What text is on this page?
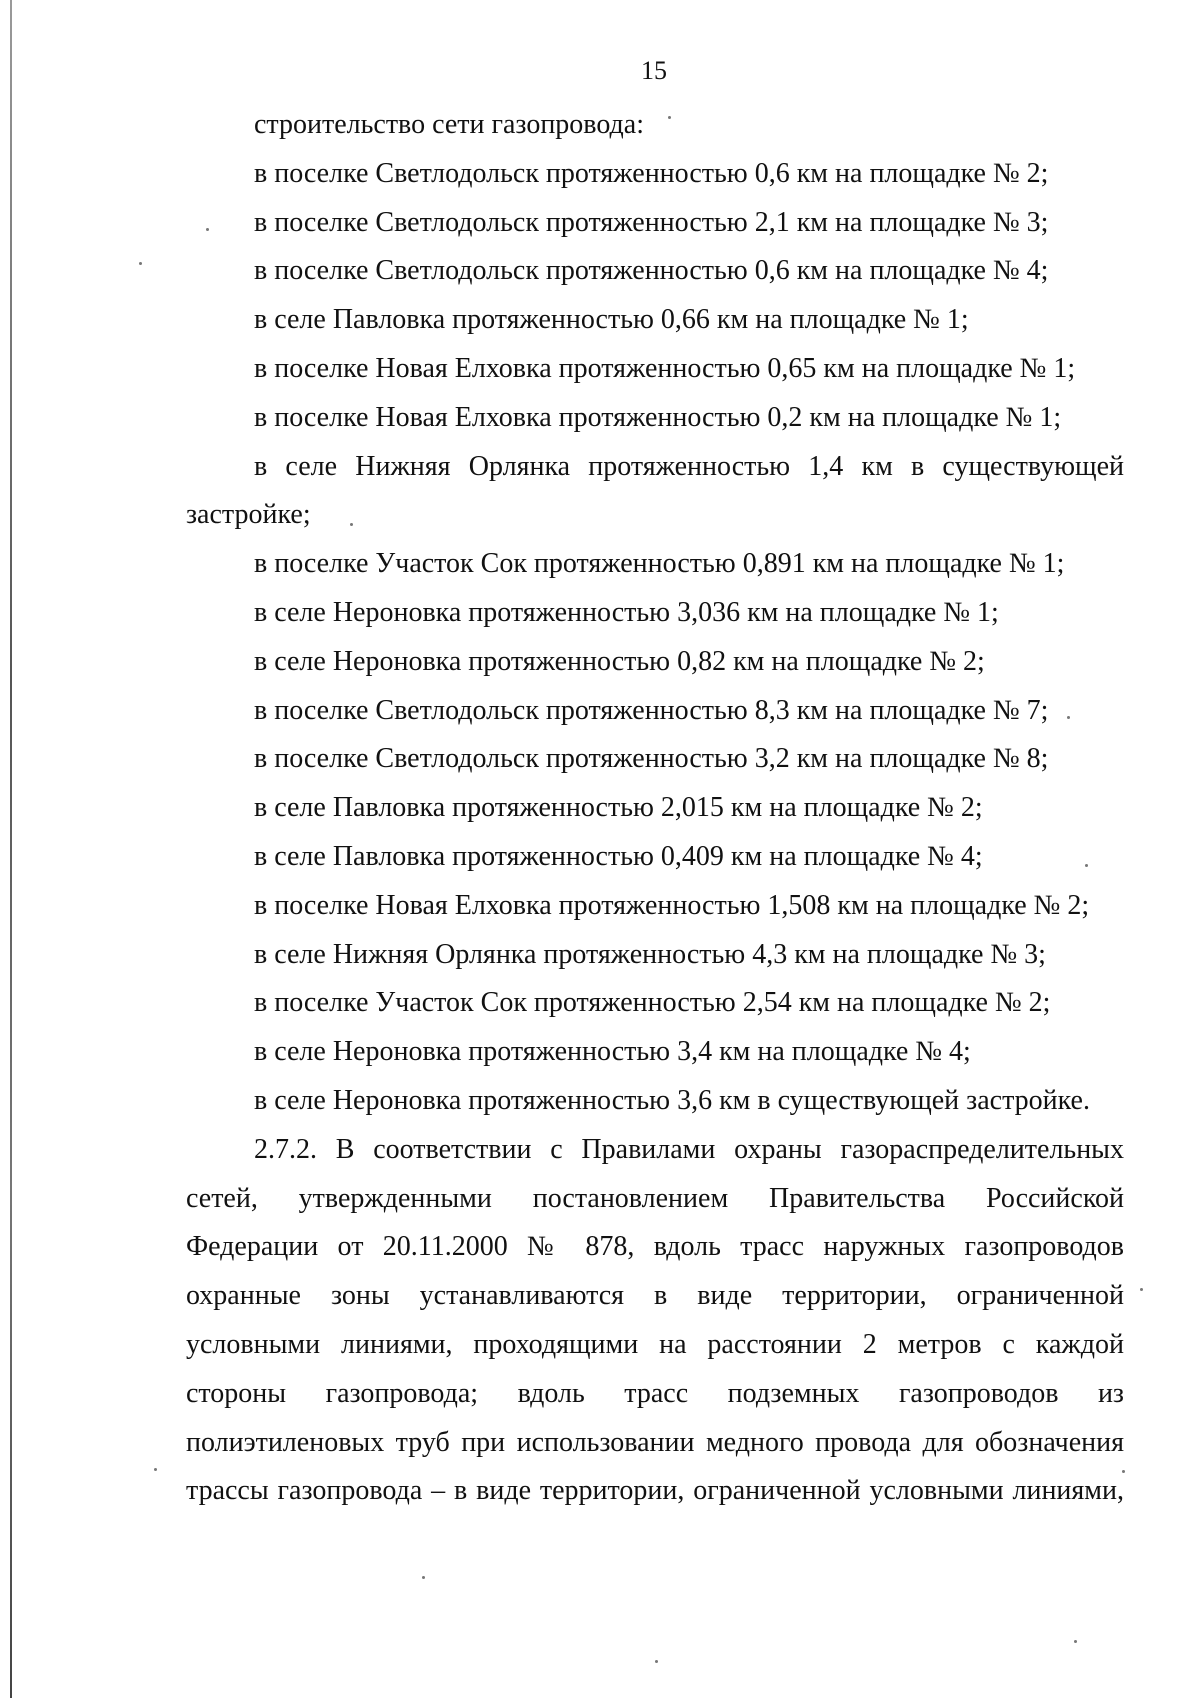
15
строительство сети газопровода:
в поселке Светлодольск протяженностью 0,6 км на площадке № 2;
в поселке Светлодольск протяженностью 2,1 км на площадке № 3;
в поселке Светлодольск протяженностью 0,6 км на площадке № 4;
в селе Павловка протяженностью 0,66 км на площадке № 1;
в поселке Новая Елховка протяженностью 0,65 км на площадке № 1;
в поселке Новая Елховка протяженностью 0,2 км на площадке № 1;
в селе Нижняя Орлянка протяженностью 1,4 км в существующей
застройке;
в поселке Участок Сок протяженностью 0,891 км на площадке № 1;
в селе Нероновка протяженностью 3,036 км на площадке № 1;
в селе Нероновка протяженностью 0,82 км на площадке № 2;
в поселке Светлодольск протяженностью 8,3 км на площадке № 7;
в поселке Светлодольск протяженностью 3,2 км на площадке № 8;
в селе Павловка протяженностью 2,015 км на площадке № 2;
в селе Павловка протяженностью 0,409 км на площадке № 4;
в поселке Новая Елховка протяженностью 1,508 км на площадке № 2;
в селе Нижняя Орлянка протяженностью 4,3 км на площадке № 3;
в поселке Участок Сок протяженностью 2,54 км на площадке № 2;
в селе Нероновка протяженностью 3,4 км на площадке № 4;
в селе Нероновка протяженностью 3,6 км в существующей застройке.
2.7.2. В соответствии с Правилами охраны газораспределительных
сетей, утвержденными постановлением Правительства Российской
Федерации от 20.11.2000 № 878, вдоль трасс наружных газопроводов
охранные зоны устанавливаются в виде территории, ограниченной
условными линиями, проходящими на расстоянии 2 метров с каждой
стороны газопровода; вдоль трасс подземных газопроводов из
полиэтиленовых труб при использовании медного провода для обозначения
трассы газопровода – в виде территории, ограниченной условными линиями,
